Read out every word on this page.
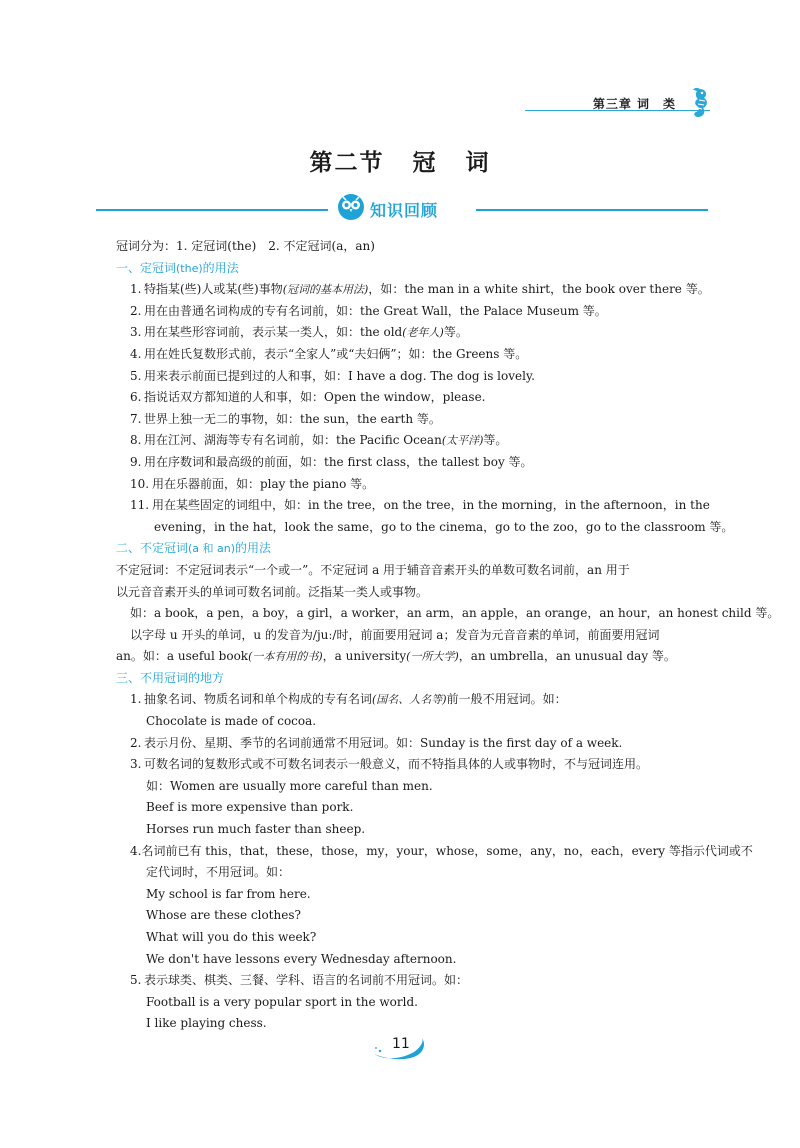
第三章 词　类
第二节 冠 词
知识回顾
冠词分为：1. 定冠词(the)　2. 不定冠词(a，an)
一、定冠词(the)的用法
1. 特指某(些)人或某(些)事物(冠词的基本用法)，如：the man in a white shirt，the book over there 等。
2. 用在由普通名词构成的专有名词前，如：the Great Wall，the Palace Museum 等。
3. 用在某些形容词前，表示某一类人，如：the old(老年人)等。
4. 用在姓氏复数形式前，表示“全家人”或“夫妇俩”；如：the Greens 等。
5. 用来表示前面已提到过的人和事，如：I have a dog. The dog is lovely.
6. 指说话双方都知道的人和事，如：Open the window，please.
7. 世界上独一无二的事物，如：the sun，the earth 等。
8. 用在江河、湖海等专有名词前，如：the Pacific Ocean(太平洋)等。
9. 用在序数词和最高级的前面，如：the first class，the tallest boy 等。
10. 用在乐器前面，如：play the piano 等。
11. 用在某些固定的词组中，如：in the tree，on the tree，in the morning，in the afternoon，in the
evening，in the hat，look the same，go to the cinema，go to the zoo，go to the classroom 等。
二、不定冠词(a 和 an)的用法
不定冠词：不定冠词表示“一个或一”。不定冠词 a 用于辅音音素开头的单数可数名词前，an 用于
以元音音素开头的单词可数名词前。泛指某一类人或事物。
如：a book，a pen，a boy，a girl，a worker，an arm，an apple，an orange，an hour，an honest child 等。
以字母 u 开头的单词，u 的发音为/juː/时，前面要用冠词 a；发音为元音音素的单词，前面要用冠词
an。如：a useful book(一本有用的书)，a university(一所大学)，an umbrella，an unusual day 等。
三、不用冠词的地方
1. 抽象名词、物质名词和单个构成的专有名词(国名、人名等)前一般不用冠词。如：
Chocolate is made of cocoa.
2. 表示月份、星期、季节的名词前通常不用冠词。如：Sunday is the first day of a week.
3. 可数名词的复数形式或不可数名词表示一般意义，而不特指具体的人或事物时，不与冠词连用。
如：Women are usually more careful than men.
Beef is more expensive than pork.
Horses run much faster than sheep.
4. 名词前已有 this，that，these，those，my，your，whose，some，any，no，each，every 等指示代词或不
定代词时，不用冠词。如：
My school is far from here.
Whose are these clothes?
What will you do this week?
We don't have lessons every Wednesday afternoon.
5. 表示球类、棋类、三餐、学科、语言的名词前不用冠词。如：
Football is a very popular sport in the world.
I like playing chess.
11
